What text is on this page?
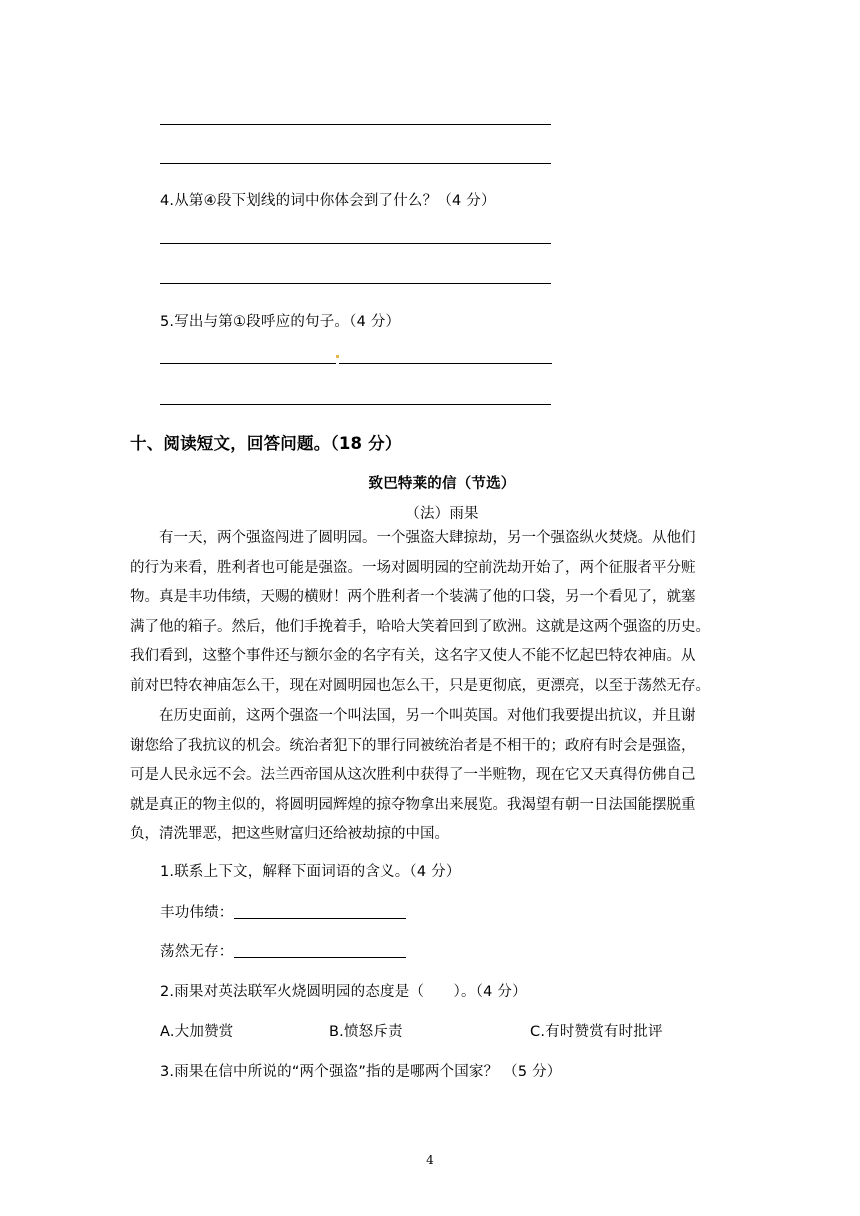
4.从第④段下划线的词中你体会到了什么？（4 分）
5.写出与第①段呼应的句子。（4 分）
十、阅读短文，回答问题。（18 分）
致巴特莱的信（节选）
（法）雨果
有一天，两个强盗闯进了圆明园。一个强盗大肆掠劫，另一个强盗纵火焚烧。从他们
的行为来看，胜利者也可能是强盗。一场对圆明园的空前洗劫开始了，两个征服者平分赃
物。真是丰功伟绩，天赐的横财！两个胜利者一个装满了他的口袋，另一个看见了，就塞
满了他的箱子。然后，他们手挽着手，哈哈大笑着回到了欧洲。这就是这两个强盗的历史。
我们看到，这整个事件还与额尔金的名字有关，这名字又使人不能不忆起巴特农神庙。从
前对巴特农神庙怎么干，现在对圆明园也怎么干，只是更彻底，更漂亮，以至于荡然无存。
在历史面前，这两个强盗一个叫法国，另一个叫英国。对他们我要提出抗议，并且谢
谢您给了我抗议的机会。统治者犯下的罪行同被统治者是不相干的；政府有时会是强盗，
可是人民永远不会。法兰西帝国从这次胜利中获得了一半赃物，现在它又天真得仿佛自己
就是真正的物主似的，将圆明园辉煌的掠夺物拿出来展览。我渴望有朝一日法国能摆脱重
负，清洗罪恶，把这些财富归还给被劫掠的中国。
1.联系上下文，解释下面词语的含义。（4 分）
丰功伟绩：
荡然无存：
2.雨果对英法联军火烧圆明园的态度是（　　）。（4 分）
A.大加赞赏	B.愤怒斥责	C.有时赞赏有时批评
3.雨果在信中所说的“两个强盗”指的是哪两个国家？ （5 分）
4
